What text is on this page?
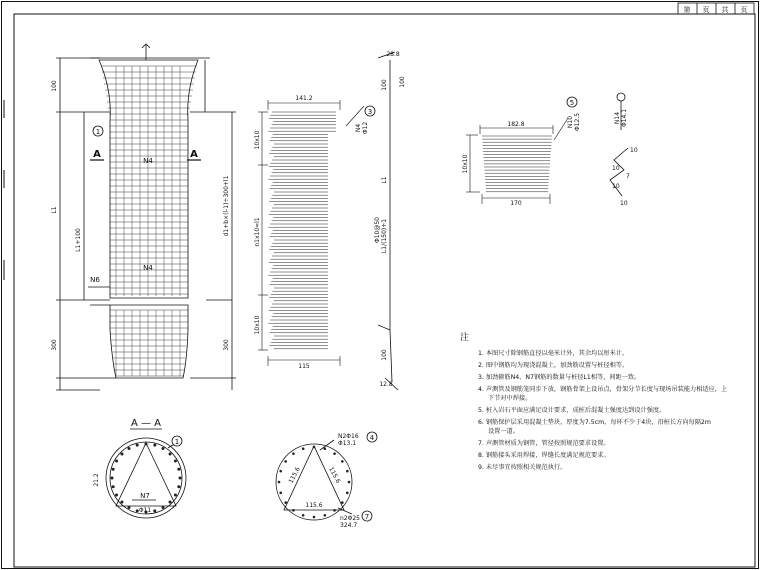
第 页 共 页
A	A
100
L1
L1+100
300
d1+b×(l-1)÷300+l1
300
1
N4
N4
N6
141.2
115
10x10
n1x10=l1
10x10
N4Φ12
3
28.8
100 100
L1
Φ10@50 L1/(150)+1
100
12.8
182.8
170
10x10
N10Φ12.5
5
N14Φ14.1
10
10
7
10
10
A — A
21.2
1
N7
Φ11
N2Φ16 Φ13.1
4
115.6	115.6
115.6
n2Φ25 324.7
7
注
1. 本图尺寸除钢筋直径以毫米计外，其余均以厘米计。
2. 图中钢筋均为现浇混凝土，加劲筋设置与桩径相等。
3. 加劲箍筋N4、N7钢筋的数量与桩径L1相等，间距一致。
4. 声测管及钢筋笼同步下放，钢筋骨架上设吊点，骨架分节长度与现场吊装能力相适应，上
下节对中焊接。
5. 桩入岩石平面应满足设计要求，成桩后混凝土强度达到设计强度。
6. 钢筋保护层采用混凝土垫块，厚度为7.5cm，每环不少于4块，沿桩长方向每隔2m
设置一道。
7. 声测管材质为钢管，管径按照规范要求设置。
8. 钢筋接头采用焊接，焊缝长度满足规范要求。
9. 未尽事宜按照相关规范执行。
